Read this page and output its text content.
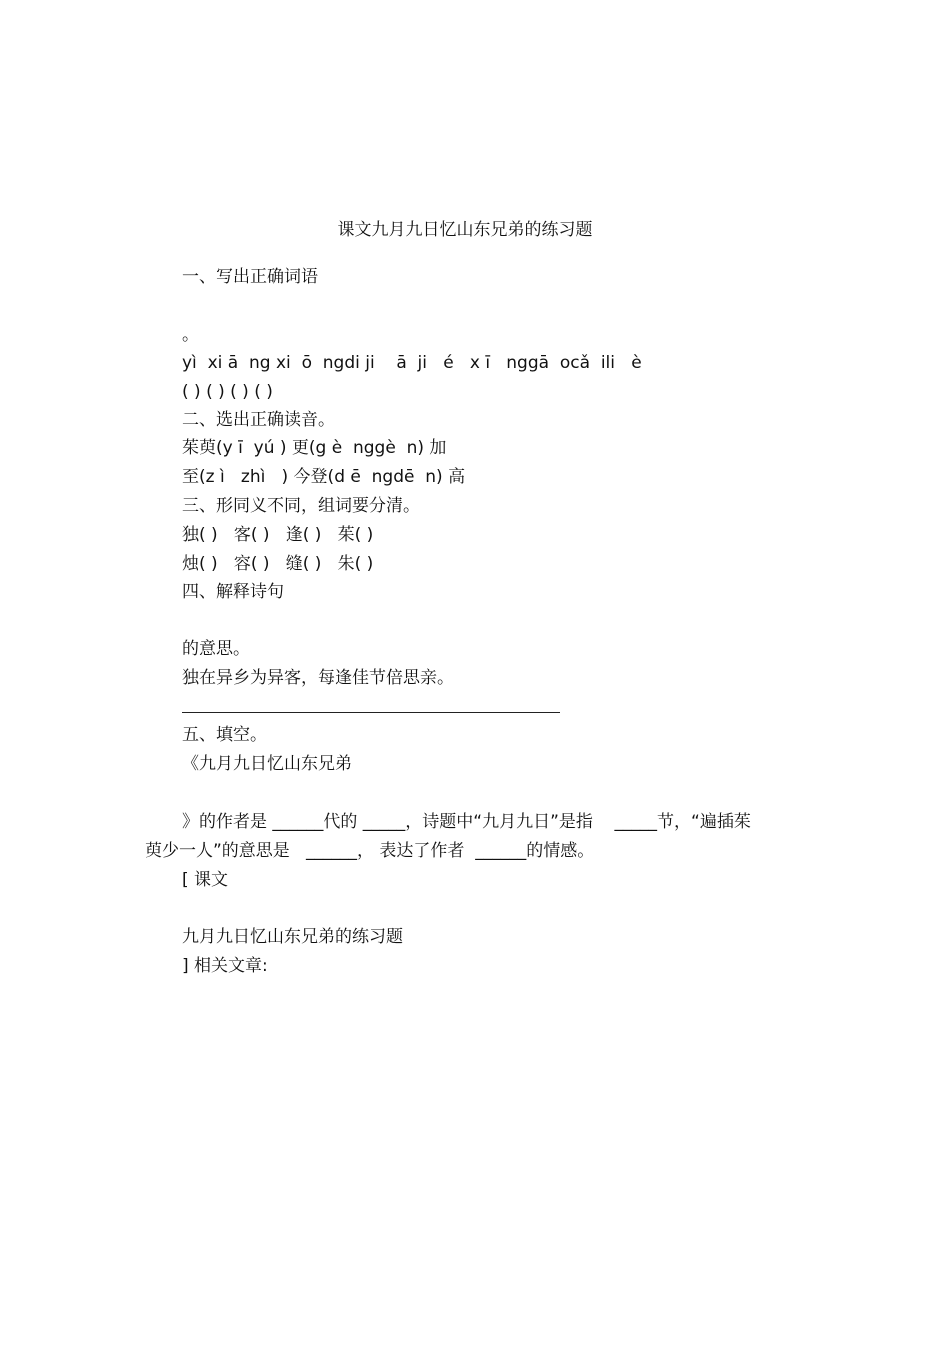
课文九月九日忆山东兄弟的练习题
一、写出正确词语
。
yì  xi ā  ng xi  ō  ngdi ji    ā  ji   é   x ī   nggā  ocǎ  ili   è
( ) ( ) ( ) ( )
二、选出正确读音。
茱萸(y ī  yú ) 更(g è  nggè  n) 加
至(z ì   zhì   ) 今登(d ē  ngdē  n) 高
三、形同义不同，组词要分清。
独( )   客( )   逢( )   茱( )
烛( )   容( )   缝( )   朱( )
四、解释诗句
的意思。
独在异乡为异客，每逢佳节倍思亲。
五、填空。
《九月九日忆山东兄弟
》的作者是 ______代的 _____，诗题中“九月九日”是指    _____节，“遍插茱
萸少一人”的意思是   ______， 表达了作者  ______的情感。
[ 课文
九月九日忆山东兄弟的练习题
] 相关文章:
